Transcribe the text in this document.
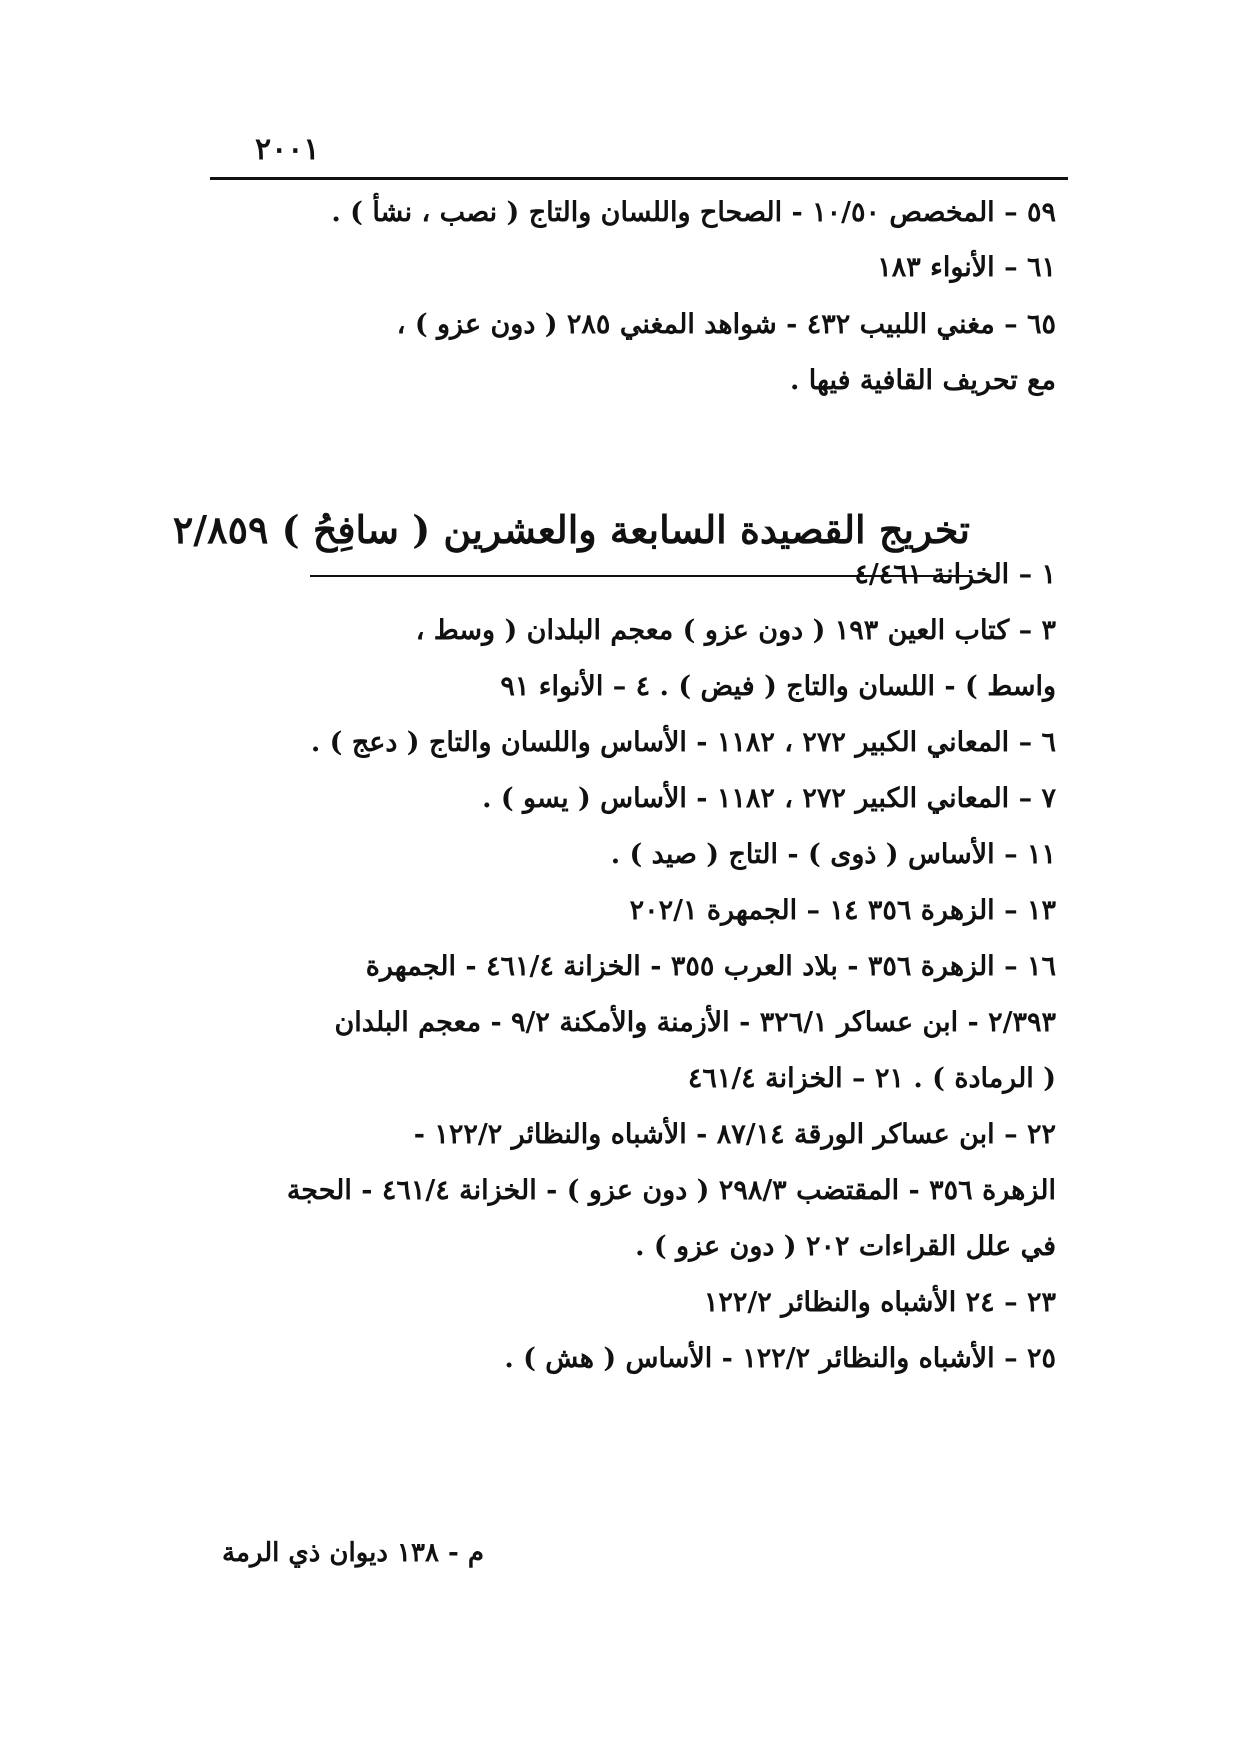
٢٠٠١
٥٩ – المخصص ١٠/٥٠ - الصحاح واللسان والتاج ( نصب ، نشأ ) .
٦١ – الأنواء ١٨٣
٦٥ – مغني اللبيب ٤٣٢ - شواهد المغني ٢٨٥ ( دون عزو ) ،
مع تحريف القافية فيها .
تخريج القصيدة السابعة والعشرين ( سافِحُ ) ٢/٨٥٩
١ – الخزانة ٤/٤٦١
٣ – كتاب العين ١٩٣ ( دون عزو ) معجم البلدان ( وسط ،
واسط ) - اللسان والتاج ( فيض ) . ٤ – الأنواء ٩١
٦ – المعاني الكبير ٢٧٢ ، ١١٨٢ - الأساس واللسان والتاج ( دعج ) .
٧ – المعاني الكبير ٢٧٢ ، ١١٨٢ - الأساس ( يسو ) .
١١ – الأساس ( ذوى ) - التاج ( صيد ) .
١٣ – الزهرة ٣٥٦ ١٤ – الجمهرة ٢٠٢/١
١٦ – الزهرة ٣٥٦ - بلاد العرب ٣٥٥ - الخزانة ٤٦١/٤ - الجمهرة
٢/٣٩٣ - ابن عساكر ٣٢٦/١ - الأزمنة والأمكنة ٩/٢ - معجم البلدان
( الرمادة ) . ٢١ – الخزانة ٤٦١/٤
٢٢ – ابن عساكر الورقة ٨٧/١٤ - الأشباه والنظائر ١٢٢/٢ -
الزهرة ٣٥٦ - المقتضب ٢٩٨/٣ ( دون عزو ) - الخزانة ٤٦١/٤ - الحجة
في علل القراءات ٢٠٢ ( دون عزو ) .
٢٣ – ٢٤ الأشباه والنظائر ١٢٢/٢
٢٥ – الأشباه والنظائر ١٢٢/٢ - الأساس ( هش ) .
م - ١٣٨ ديوان ذي الرمة
